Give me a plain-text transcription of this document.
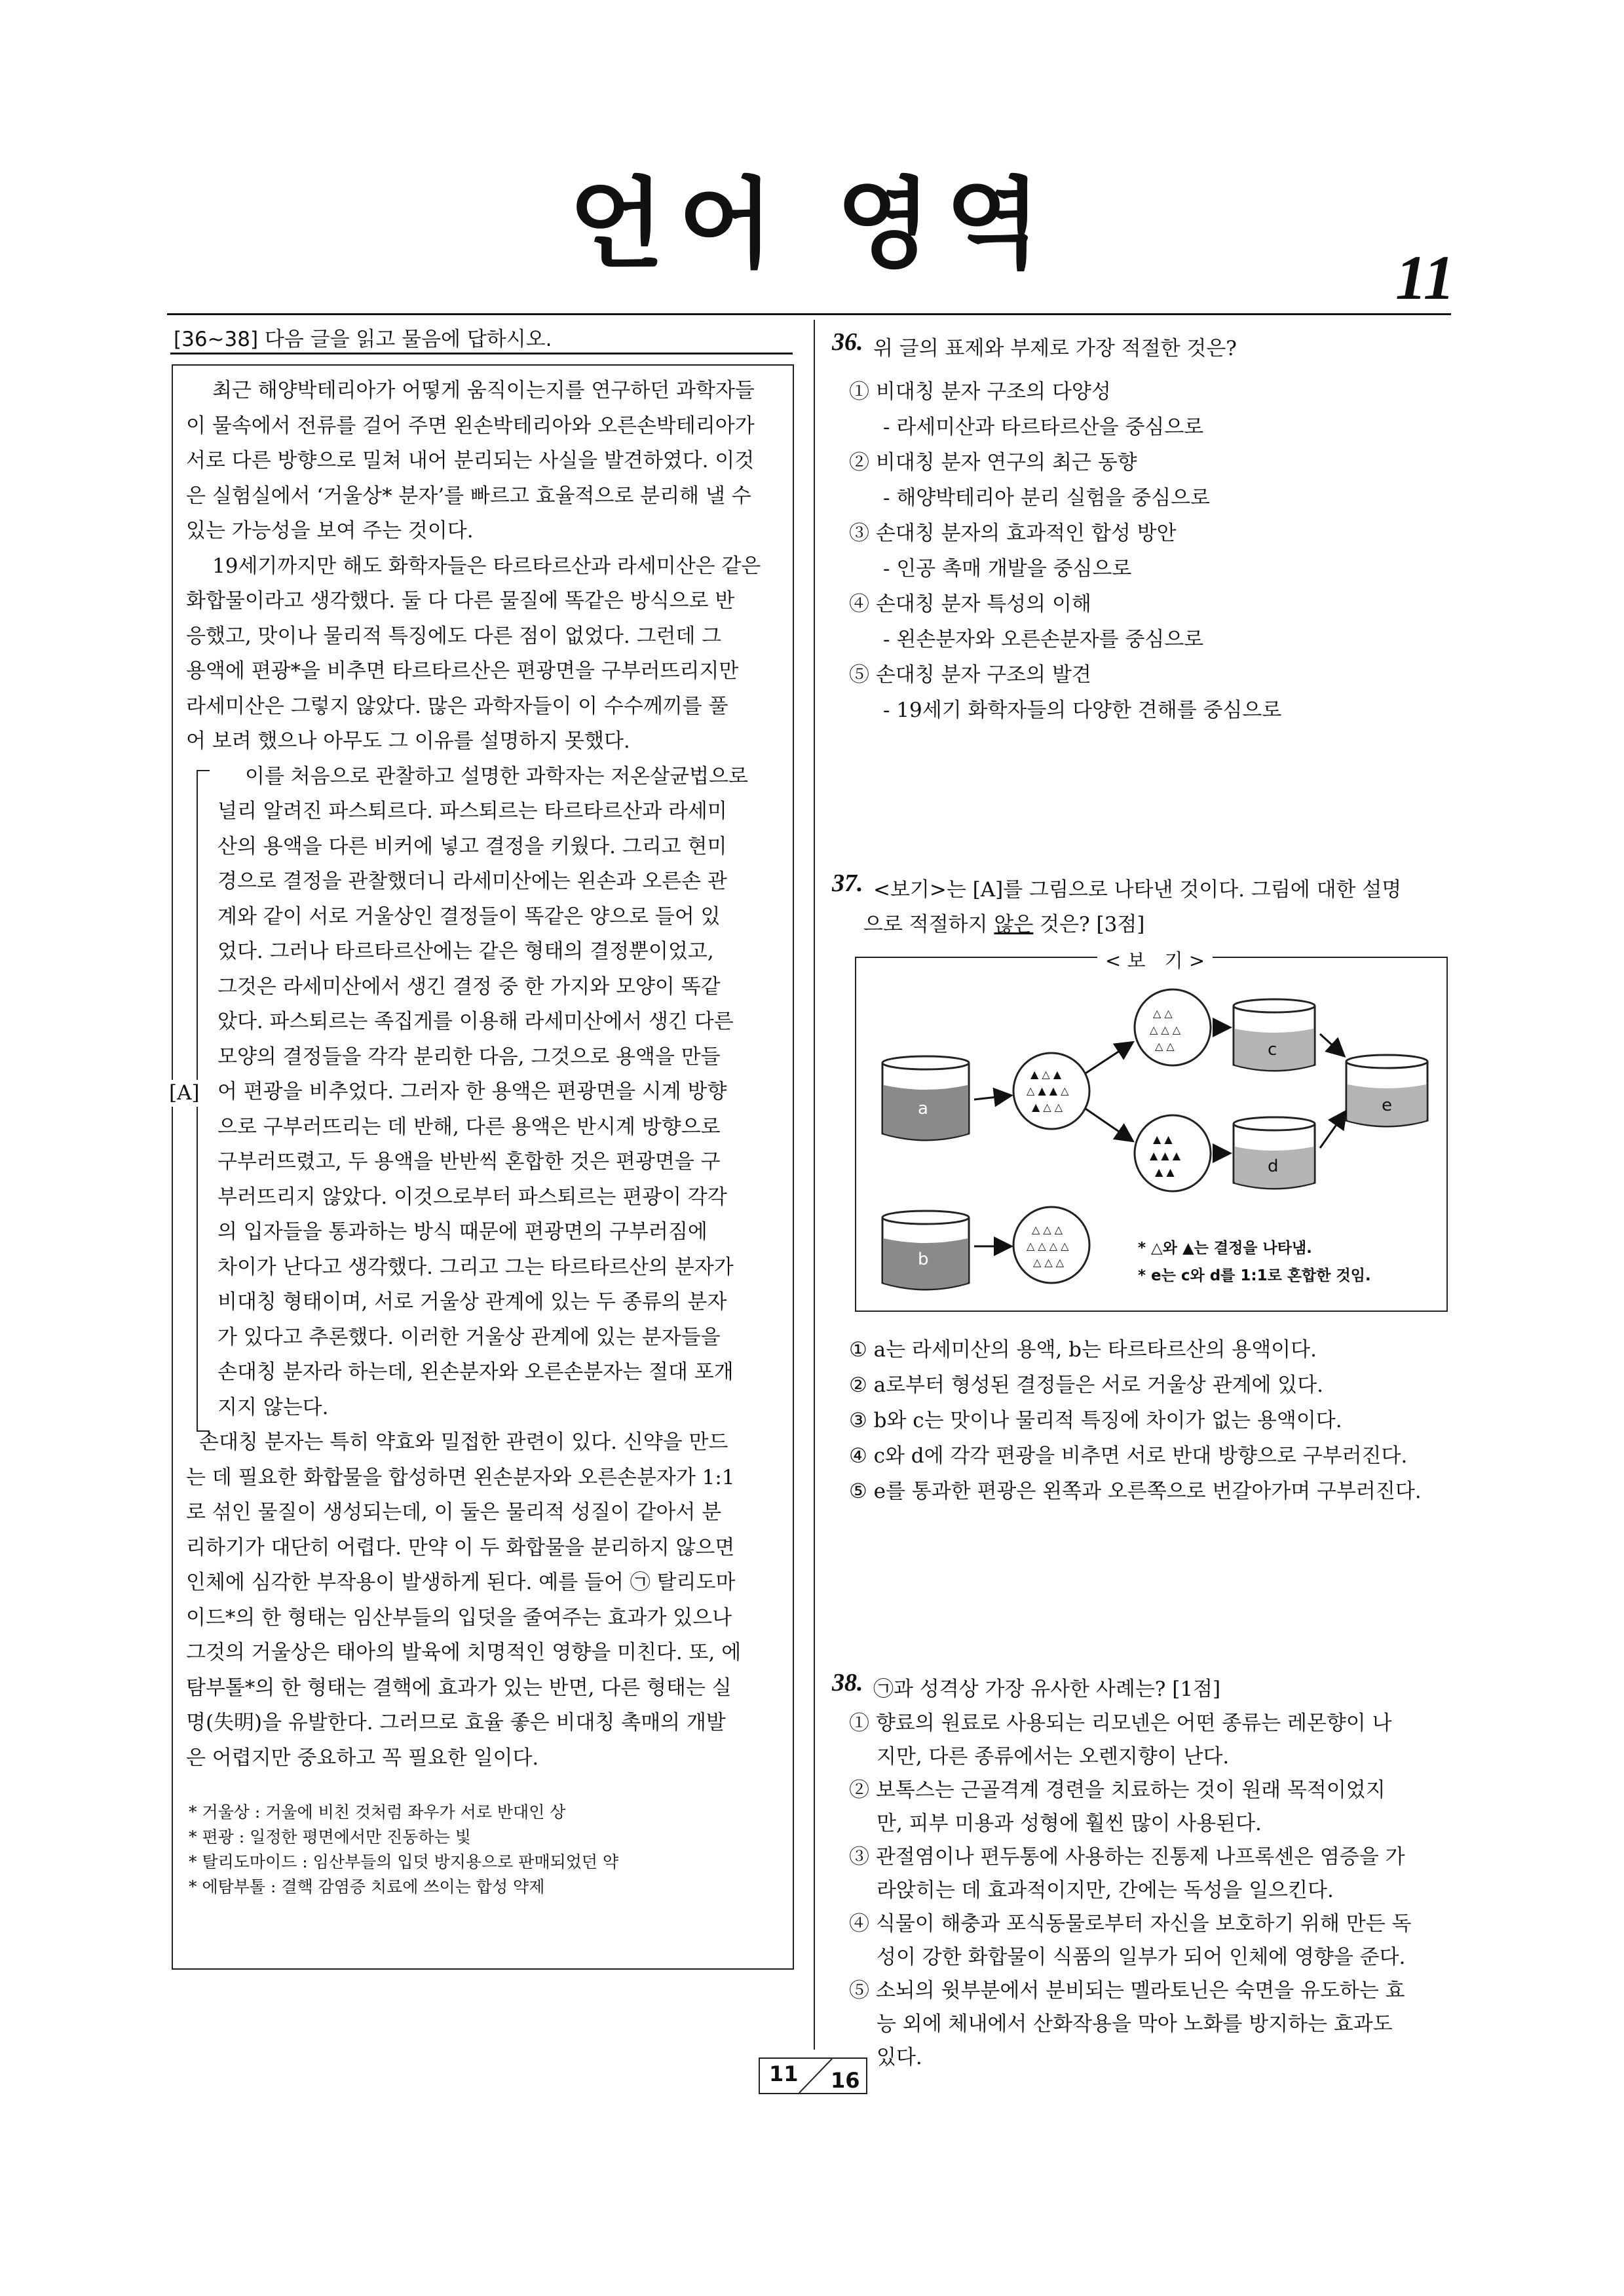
언어 영역	11
[36~38] 다음 글을 읽고 물음에 답하시오.
최근 해양박테리아가 어떻게 움직이는지를 연구하던 과학자들
이 물속에서 전류를 걸어 주면 왼손박테리아와 오른손박테리아가
서로 다른 방향으로 밀쳐 내어 분리되는 사실을 발견하였다. 이것
은 실험실에서 ‘거울상* 분자’를 빠르고 효율적으로 분리해 낼 수
있는 가능성을 보여 주는 것이다.
19세기까지만 해도 화학자들은 타르타르산과 라세미산은 같은
화합물이라고 생각했다. 둘 다 다른 물질에 똑같은 방식으로 반
응했고, 맛이나 물리적 특징에도 다른 점이 없었다. 그런데 그
용액에 편광*을 비추면 타르타르산은 편광면을 구부러뜨리지만
라세미산은 그렇지 않았다. 많은 과학자들이 이 수수께끼를 풀
어 보려 했으나 아무도 그 이유를 설명하지 못했다.
[A]
이를 처음으로 관찰하고 설명한 과학자는 저온살균법으로
널리 알려진 파스퇴르다. 파스퇴르는 타르타르산과 라세미
산의 용액을 다른 비커에 넣고 결정을 키웠다. 그리고 현미
경으로 결정을 관찰했더니 라세미산에는 왼손과 오른손 관
계와 같이 서로 거울상인 결정들이 똑같은 양으로 들어 있
었다. 그러나 타르타르산에는 같은 형태의 결정뿐이었고,
그것은 라세미산에서 생긴 결정 중 한 가지와 모양이 똑같
았다. 파스퇴르는 족집게를 이용해 라세미산에서 생긴 다른
모양의 결정들을 각각 분리한 다음, 그것으로 용액을 만들
어 편광을 비추었다. 그러자 한 용액은 편광면을 시계 방향
으로 구부러뜨리는 데 반해, 다른 용액은 반시계 방향으로
구부러뜨렸고, 두 용액을 반반씩 혼합한 것은 편광면을 구
부러뜨리지 않았다. 이것으로부터 파스퇴르는 편광이 각각
의 입자들을 통과하는 방식 때문에 편광면의 구부러짐에
차이가 난다고 생각했다. 그리고 그는 타르타르산의 분자가
비대칭 형태이며, 서로 거울상 관계에 있는 두 종류의 분자
가 있다고 추론했다. 이러한 거울상 관계에 있는 분자들을
손대칭 분자라 하는데, 왼손분자와 오른손분자는 절대 포개
지지 않는다.
손대칭 분자는 특히 약효와 밀접한 관련이 있다. 신약을 만드
는 데 필요한 화합물을 합성하면 왼손분자와 오른손분자가 1:1
로 섞인 물질이 생성되는데, 이 둘은 물리적 성질이 같아서 분
리하기가 대단히 어렵다. 만약 이 두 화합물을 분리하지 않으면
인체에 심각한 부작용이 발생하게 된다. 예를 들어 ㉠ 탈리도마
이드*의 한 형태는 임산부들의 입덧을 줄여주는 효과가 있으나
그것의 거울상은 태아의 발육에 치명적인 영향을 미친다. 또, 에
탐부톨*의 한 형태는 결핵에 효과가 있는 반면, 다른 형태는 실
명(失明)을 유발한다. 그러므로 효율 좋은 비대칭 촉매의 개발
은 어렵지만 중요하고 꼭 필요한 일이다.
* 거울상 : 거울에 비친 것처럼 좌우가 서로 반대인 상
* 편광 : 일정한 평면에서만 진동하는 빛
* 탈리도마이드 : 임산부들의 입덧 방지용으로 판매되었던 약
* 에탐부톨 : 결핵 감염증 치료에 쓰이는 합성 약제
36. 위 글의 표제와 부제로 가장 적절한 것은?
① 비대칭 분자 구조의 다양성
- 라세미산과 타르타르산을 중심으로
② 비대칭 분자 연구의 최근 동향
- 해양박테리아 분리 실험을 중심으로
③ 손대칭 분자의 효과적인 합성 방안
- 인공 촉매 개발을 중심으로
④ 손대칭 분자 특성의 이해
- 왼손분자와 오른손분자를 중심으로
⑤ 손대칭 분자 구조의 발견
- 19세기 화학자들의 다양한 견해를 중심으로
37. <보기>는 [A]를 그림으로 나타낸 것이다. 그림에 대한 설명
으로 적절하지 않은 것은? [3점]
< 보　기 >
a
▲ △ ▲
△ ▲ ▲ △
▲ △ △
△ △
△ △ △
△ △
▲ ▲
▲ ▲ ▲
▲ ▲
c
d
e
b
△ △ △
△ △ △ △
△ △ △
* △와 ▲는 결정을 나타냄.
* e는 c와 d를 1:1로 혼합한 것임.
① a는 라세미산의 용액, b는 타르타르산의 용액이다.
② a로부터 형성된 결정들은 서로 거울상 관계에 있다.
③ b와 c는 맛이나 물리적 특징에 차이가 없는 용액이다.
④ c와 d에 각각 편광을 비추면 서로 반대 방향으로 구부러진다.
⑤ e를 통과한 편광은 왼쪽과 오른쪽으로 번갈아가며 구부러진다.
38. ㉠과 성격상 가장 유사한 사례는? [1점]
① 향료의 원료로 사용되는 리모넨은 어떤 종류는 레몬향이 나
지만, 다른 종류에서는 오렌지향이 난다.
② 보톡스는 근골격계 경련을 치료하는 것이 원래 목적이었지
만, 피부 미용과 성형에 훨씬 많이 사용된다.
③ 관절염이나 편두통에 사용하는 진통제 나프록센은 염증을 가
라앉히는 데 효과적이지만, 간에는 독성을 일으킨다.
④ 식물이 해충과 포식동물로부터 자신을 보호하기 위해 만든 독
성이 강한 화합물이 식품의 일부가 되어 인체에 영향을 준다.
⑤ 소뇌의 윗부분에서 분비되는 멜라토닌은 숙면을 유도하는 효
능 외에 체내에서 산화작용을 막아 노화를 방지하는 효과도
있다.
11 16
